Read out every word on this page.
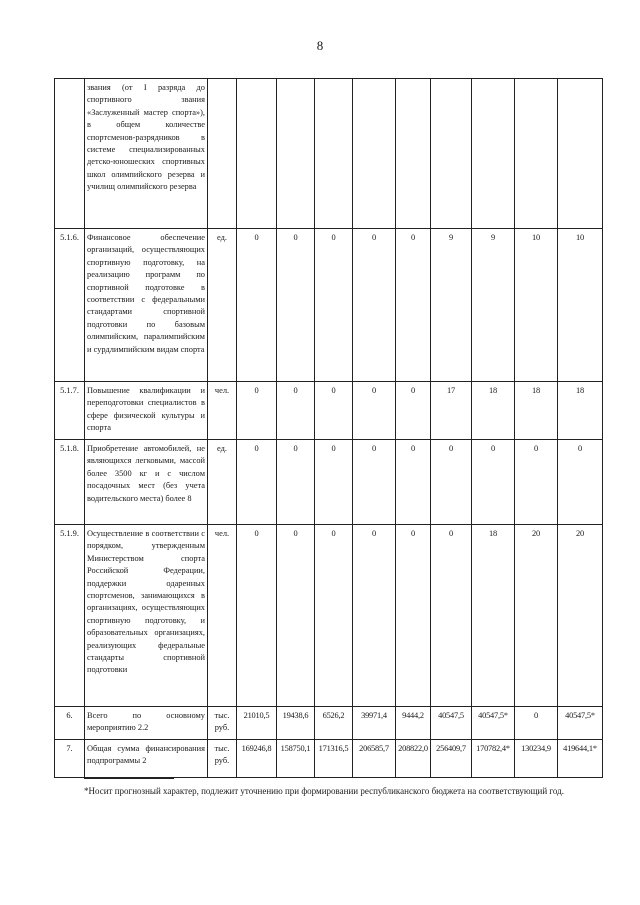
8
	звания (от I разряда до спортивного звания «Заслуженный мастер спорта»), в общем количестве спортсменов-разрядников в системе специализированных детско-юношеских спортивных школ олимпийского резерва и училищ олимпийского резерва										
5.1.6.	Финансовое обеспечение организаций, осуществляющих спортивную подготовку, на реализацию программ по спортивной подготовке в соответствии с федеральными стандартами спортивной подготовки по базовым олимпийским, паралимпийским и сурдлимпийским видам спорта	ед.	0	0	0	0	0	9	9	10	10
5.1.7.	Повышение квалификации и переподготовки специалистов в сфере физической культуры и спорта	чел.	0	0	0	0	0	17	18	18	18
5.1.8.	Приобретение автомобилей, не являющихся легковыми, массой более 3500 кг и с числом посадочных мест (без учета водительского места) более 8	ед.	0	0	0	0	0	0	0	0	0
5.1.9.	Осуществление в соответствии с порядком, утвержденным Министерством спорта Российской Федерации, поддержки одаренных спортсменов, занимающихся в организациях, осуществляющих спортивную подготовку, и образовательных организациях, реализующих федеральные стандарты спортивной подготовки	чел.	0	0	0	0	0	0	18	20	20
6.	Всего по основному мероприятию 2.2	тыс. руб.	21010,5	19438,6	6526,2	39971,4	9444,2	40547,5	40547,5*	0	40547,5*
7.	Общая сумма финансирования подпрограммы 2	тыс. руб.	169246,8	158750,1	171316,5	206585,7	208822,0	256409,7	170782,4*	130234,9	419644,1*
*Носит прогнозный характер, подлежит уточнению при формировании республиканского бюджета на соответствующий год.
